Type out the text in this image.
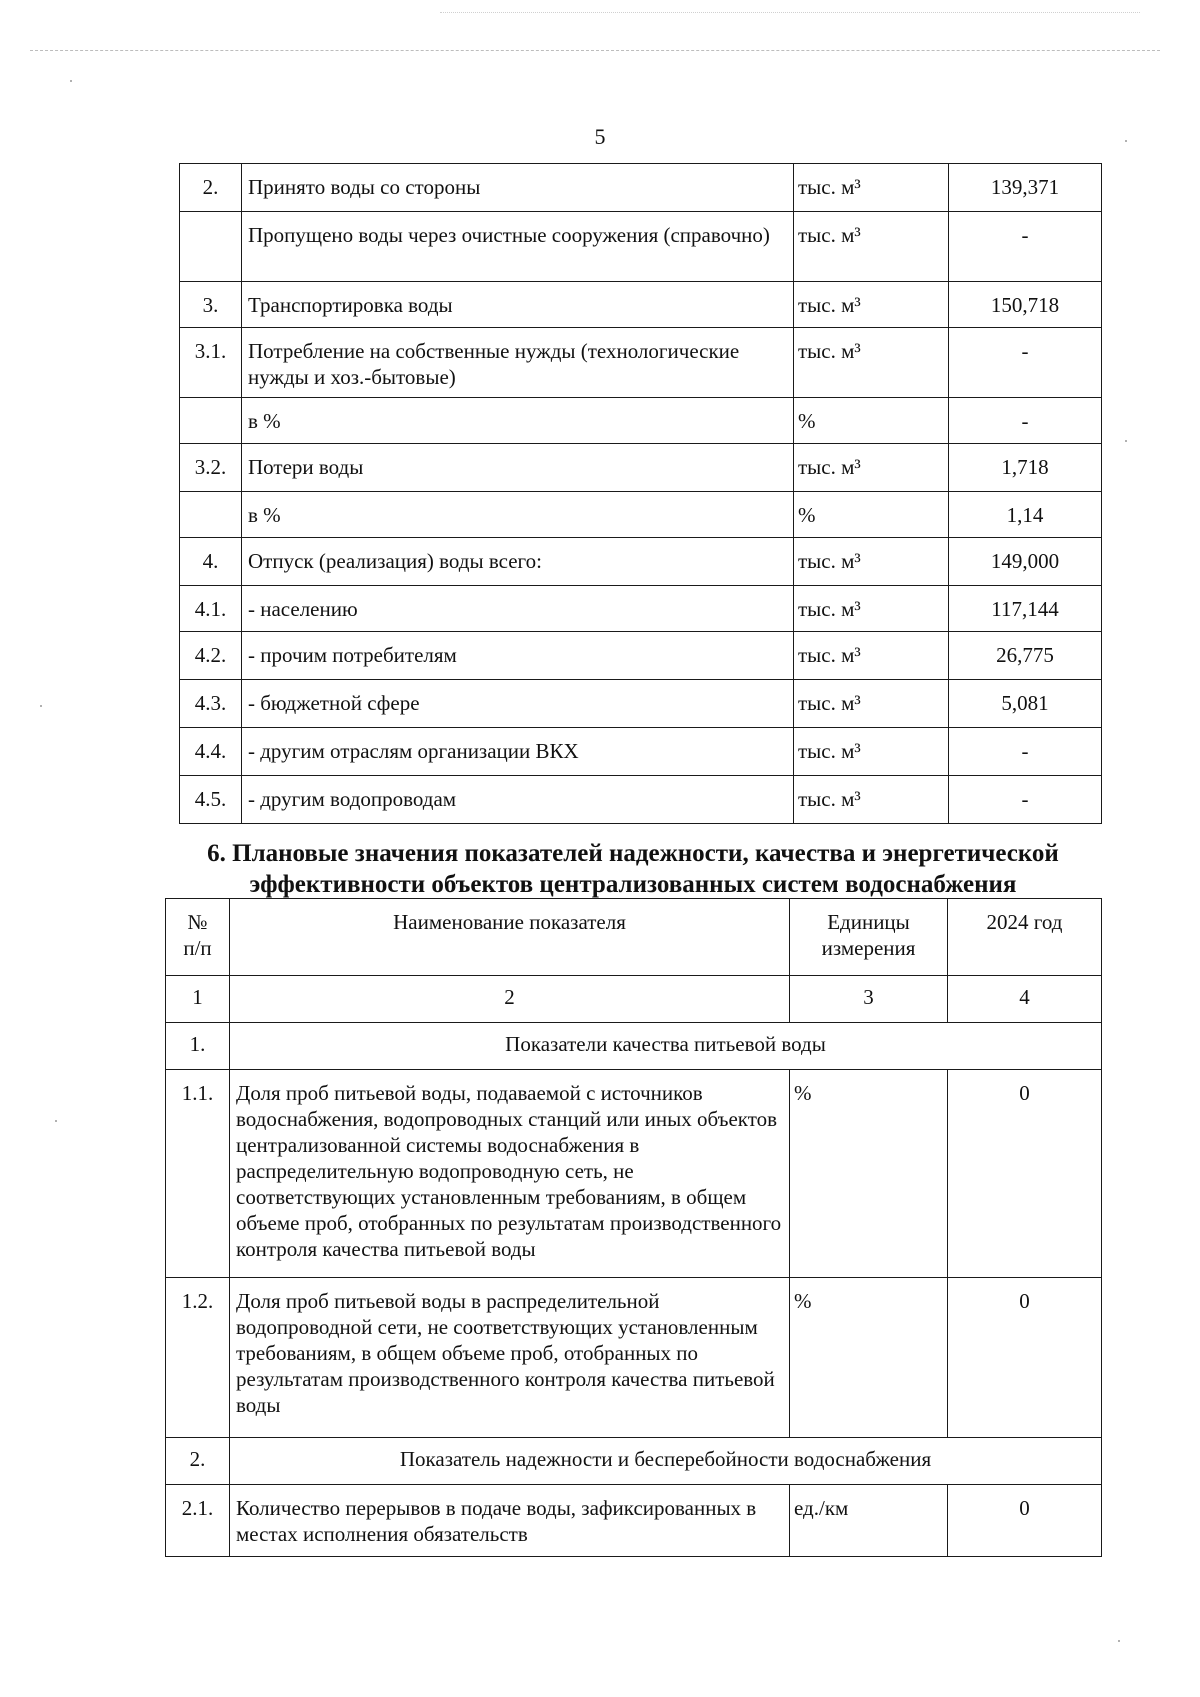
5
2.	Принято воды со стороны	тыс. м³	139,371
	Пропущено воды через очистные сооружения (справочно)	тыс. м³	-
3.	Транспортировка воды	тыс. м³	150,718
3.1.	Потребление на собственные нужды (технологические нужды и хоз.-бытовые)	тыс. м³	-
	в %	%	-
3.2.	Потери воды	тыс. м³	1,718
	в %	%	1,14
4.	Отпуск (реализация) воды всего:	тыс. м³	149,000
4.1.	- населению	тыс. м³	117,144
4.2.	- прочим потребителям	тыс. м³	26,775
4.3.	- бюджетной сфере	тыс. м³	5,081
4.4.	- другим отраслям организации ВКХ	тыс. м³	-
4.5.	- другим водопроводам	тыс. м³	-
6. Плановые значения показателей надежности, качества и энергетической эффективности объектов централизованных систем водоснабжения
№ п/п	Наименование показателя	Единицы измерения	2024 год
1	2	3	4
1.	Показатели качества питьевой воды		
1.1.	Доля проб питьевой воды, подаваемой с источников водоснабжения, водопроводных станций или иных объектов централизованной системы водоснабжения в распределительную водопроводную сеть, не соответствующих установленным требованиям, в общем объеме проб, отобранных по результатам производственного контроля качества питьевой воды	%	0
1.2.	Доля проб питьевой воды в распределительной водопроводной сети, не соответствующих установленным требованиям, в общем объеме проб, отобранных по результатам производственного контроля качества питьевой воды	%	0
2.	Показатель надежности и бесперебойности водоснабжения		
2.1.	Количество перерывов в подаче воды, зафиксированных в местах исполнения обязательств	ед./км	0
